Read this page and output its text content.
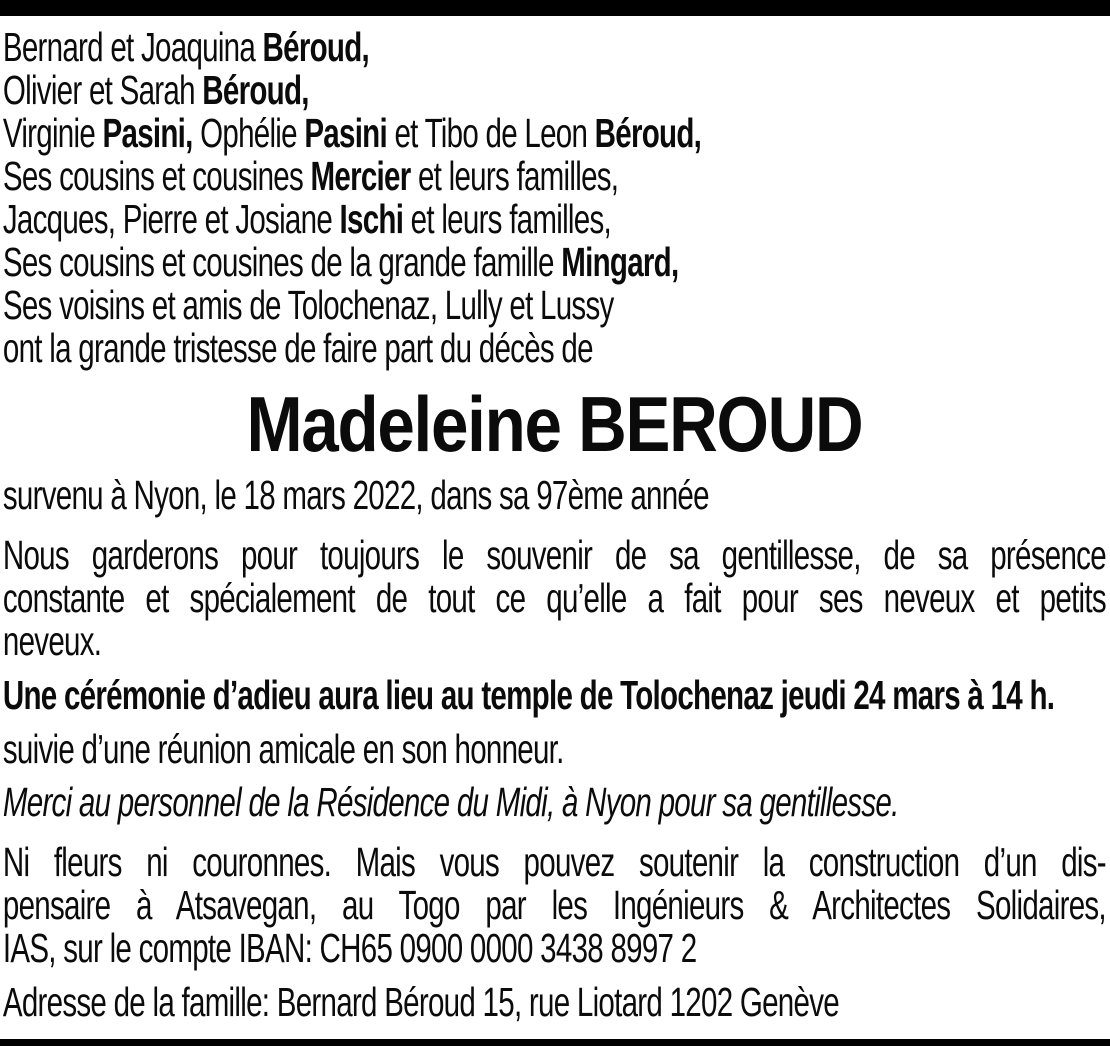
Bernard et Joaquina Béroud,
Olivier et Sarah Béroud,
Virginie Pasini, Ophélie Pasini et Tibo de Leon Béroud,
Ses cousins et cousines Mercier et leurs familles,
Jacques, Pierre et Josiane Ischi et leurs familles,
Ses cousins et cousines de la grande famille Mingard,
Ses voisins et amis de Tolochenaz, Lully et Lussy
ont la grande tristesse de faire part du décès de
Madeleine BEROUD
survenu à Nyon, le 18 mars 2022, dans sa 97ème année
Nous garderons pour toujours le souvenir de sa gentillesse, de sa présence
constante et spécialement de tout ce qu’elle a fait pour ses neveux et petits
neveux.
Une cérémonie d’adieu aura lieu au temple de Tolochenaz jeudi 24 mars à 14 h.
suivie d’une réunion amicale en son honneur.
Merci au personnel de la Résidence du Midi, à Nyon pour sa gentillesse.
Ni fleurs ni couronnes. Mais vous pouvez soutenir la construction d’un dis-
pensaire à Atsavegan, au Togo par les Ingénieurs & Architectes Solidaires,
IAS, sur le compte IBAN: CH65 0900 0000 3438 8997 2
Adresse de la famille: Bernard Béroud 15, rue Liotard 1202 Genève
